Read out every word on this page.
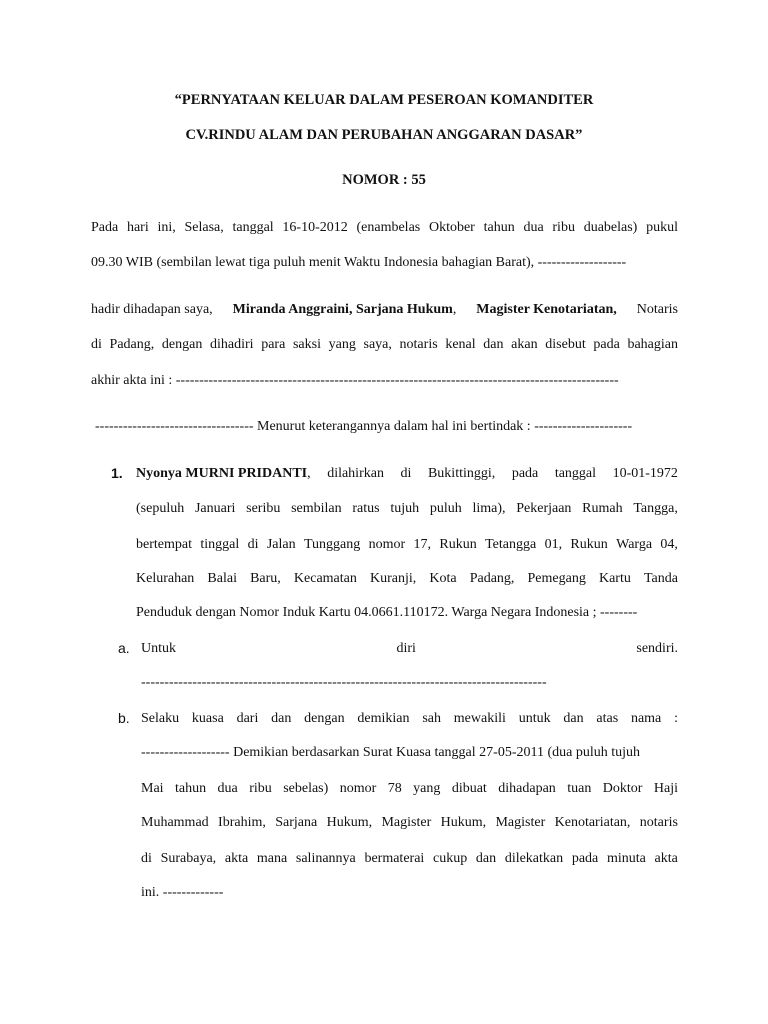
“PERNYATAAN KELUAR DALAM PESEROAN KOMANDITER
CV.RINDU ALAM DAN PERUBAHAN ANGGARAN DASAR”
NOMOR : 55
Pada hari ini, Selasa, tanggal 16-10-2012 (enambelas Oktober tahun dua ribu duabelas) pukul
09.30 WIB (sembilan lewat tiga puluh menit Waktu Indonesia bahagian Barat), -------------------
hadir dihadapan saya, Miranda Anggraini, Sarjana Hukum, Magister Kenotariatan, Notaris
di Padang, dengan dihadiri para saksi yang saya, notaris kenal dan akan disebut pada bahagian
akhir akta ini : -----------------------------------------------------------------------------------------------
---------------------------------- Menurut keterangannya dalam hal ini bertindak : ---------------------
1. Nyonya MURNI PRIDANTI, dilahirkan di Bukittinggi, pada tanggal 10-01-1972
(sepuluh Januari seribu sembilan ratus tujuh puluh lima), Pekerjaan Rumah Tangga,
bertempat tinggal di Jalan Tunggang nomor 17, Rukun Tetangga 01, Rukun Warga 04,
Kelurahan Balai Baru, Kecamatan Kuranji, Kota Padang, Pemegang Kartu Tanda
Penduduk dengan Nomor Induk Kartu 04.0661.110172. Warga Negara Indonesia ; --------
a. Untuk	diri	sendiri.
---------------------------------------------------------------------------------------
b. Selaku kuasa dari dan dengan demikian sah mewakili untuk dan atas nama :
------------------- Demikian berdasarkan Surat Kuasa tanggal 27-05-2011 (dua puluh tujuh
Mai tahun dua ribu sebelas) nomor 78 yang dibuat dihadapan tuan Doktor Haji
Muhammad Ibrahim, Sarjana Hukum, Magister Hukum, Magister Kenotariatan, notaris
di Surabaya, akta mana salinannya bermaterai cukup dan dilekatkan pada minuta akta
ini. -------------
